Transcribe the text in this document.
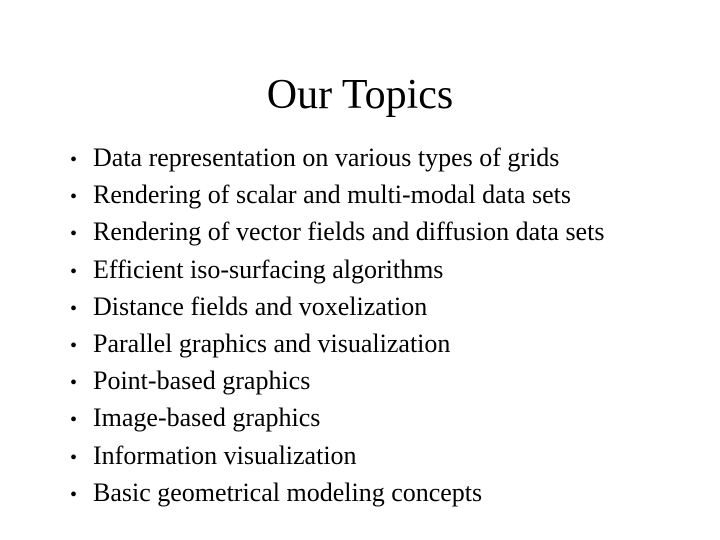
Our Topics
• Data representation on various types of grids
• Rendering of scalar and multi-modal data sets
• Rendering of vector fields and diffusion data sets
• Efficient iso-surfacing algorithms
• Distance fields and voxelization
• Parallel graphics and visualization
• Point-based graphics
• Image-based graphics
• Information visualization
• Basic geometrical modeling concepts
